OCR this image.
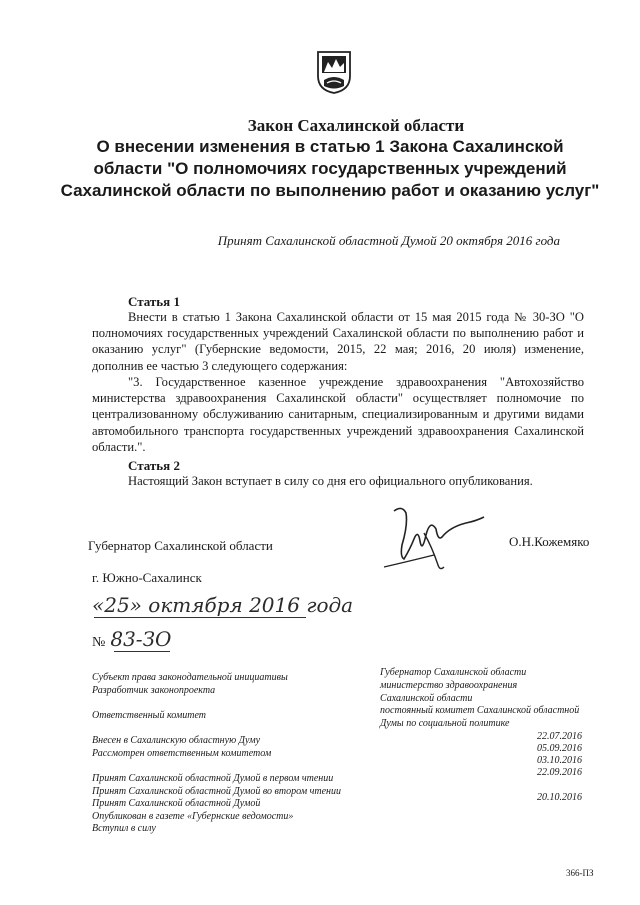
Закон Сахалинской области
О внесении изменения в статью 1 Закона Сахалинской области "О полномочиях государственных учреждений Сахалинской области по выполнению работ и оказанию услуг"
Принят Сахалинской областной Думой 20 октября 2016 года
Статья 1
Внести в статью 1 Закона Сахалинской области от 15 мая 2015 года № 30-ЗО "О полномочиях государственных учреждений Сахалинской области по выполнению работ и оказанию услуг" (Губернские ведомости, 2015, 22 мая; 2016, 20 июля) изменение, дополнив ее частью 3 следующего содержания:
"3. Государственное казенное учреждение здравоохранения "Автохозяйство министерства здравоохранения Сахалинской области" осуществляет полномочие по централизованному обслуживанию санитарным, специализированным и другими видами автомобильного транспорта государственных учреждений здравоохранения Сахалинской области.".
Статья 2
Настоящий Закон вступает в силу со дня его официального опубликования.
Губернатор Сахалинской области	О.Н.Кожемяко
г. Южно-Сахалинск
«25» октября 2016 года
№ 83-ЗО
Субъект права законодательной инициативы
Разработчик законопроекта
Ответственный комитет
Внесен в Сахалинскую областную Думу
Рассмотрен ответственным комитетом
Принят Сахалинской областной Думой в первом чтении
Принят Сахалинской областной Думой во втором чтении
Принят Сахалинской областной Думой
Опубликован в газете «Губернские ведомости»
Вступил в силу
Губернатор Сахалинской области
министерство здравоохранения Сахалинской области
постоянный комитет Сахалинской областной Думы по социальной политике
22.07.2016
05.09.2016
03.10.2016
22.09.2016
20.10.2016
366-ПЗ
